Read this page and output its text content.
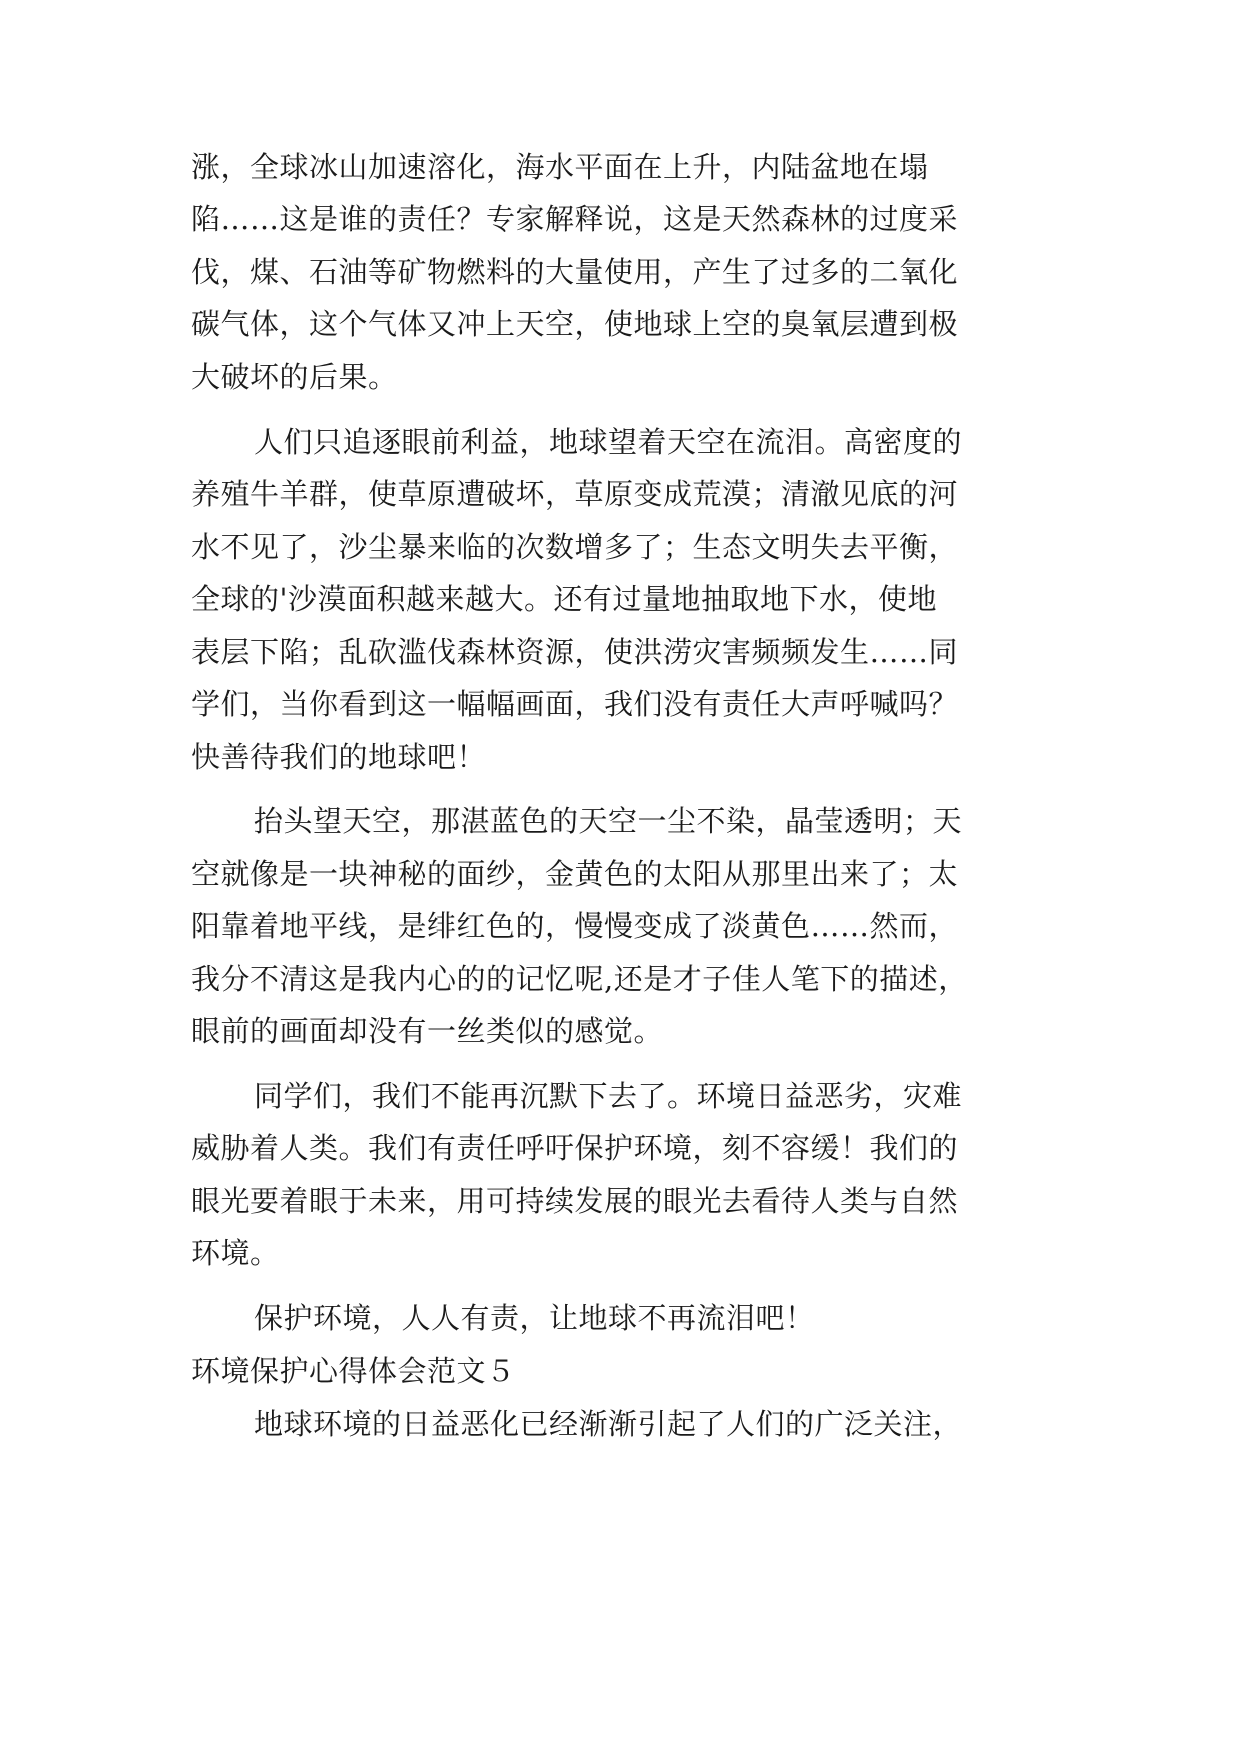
涨，全球冰山加速溶化，海水平面在上升，内陆盆地在塌
陷……这是谁的责任？专家解释说，这是天然森林的过度采
伐，煤、石油等矿物燃料的大量使用，产生了过多的二氧化
碳气体，这个气体又冲上天空，使地球上空的臭氧层遭到极
大破坏的后果。
人们只追逐眼前利益，地球望着天空在流泪。高密度的
养殖牛羊群，使草原遭破坏，草原变成荒漠；清澈见底的河
水不见了，沙尘暴来临的次数增多了；生态文明失去平衡，
全球的'沙漠面积越来越大。还有过量地抽取地下水，使地
表层下陷；乱砍滥伐森林资源，使洪涝灾害频频发生……同
学们，当你看到这一幅幅画面，我们没有责任大声呼喊吗？
快善待我们的地球吧！
抬头望天空，那湛蓝色的天空一尘不染，晶莹透明；天
空就像是一块神秘的面纱，金黄色的太阳从那里出来了；太
阳靠着地平线，是绯红色的，慢慢变成了淡黄色……然而，
我分不清这是我内心的的记忆呢,还是才子佳人笔下的描述，
眼前的画面却没有一丝类似的感觉。
同学们，我们不能再沉默下去了。环境日益恶劣，灾难
威胁着人类。我们有责任呼吁保护环境，刻不容缓！我们的
眼光要着眼于未来，用可持续发展的眼光去看待人类与自然
环境。
保护环境，人人有责，让地球不再流泪吧！
环境保护心得体会范文５
地球环境的日益恶化已经渐渐引起了人们的广泛关注，
